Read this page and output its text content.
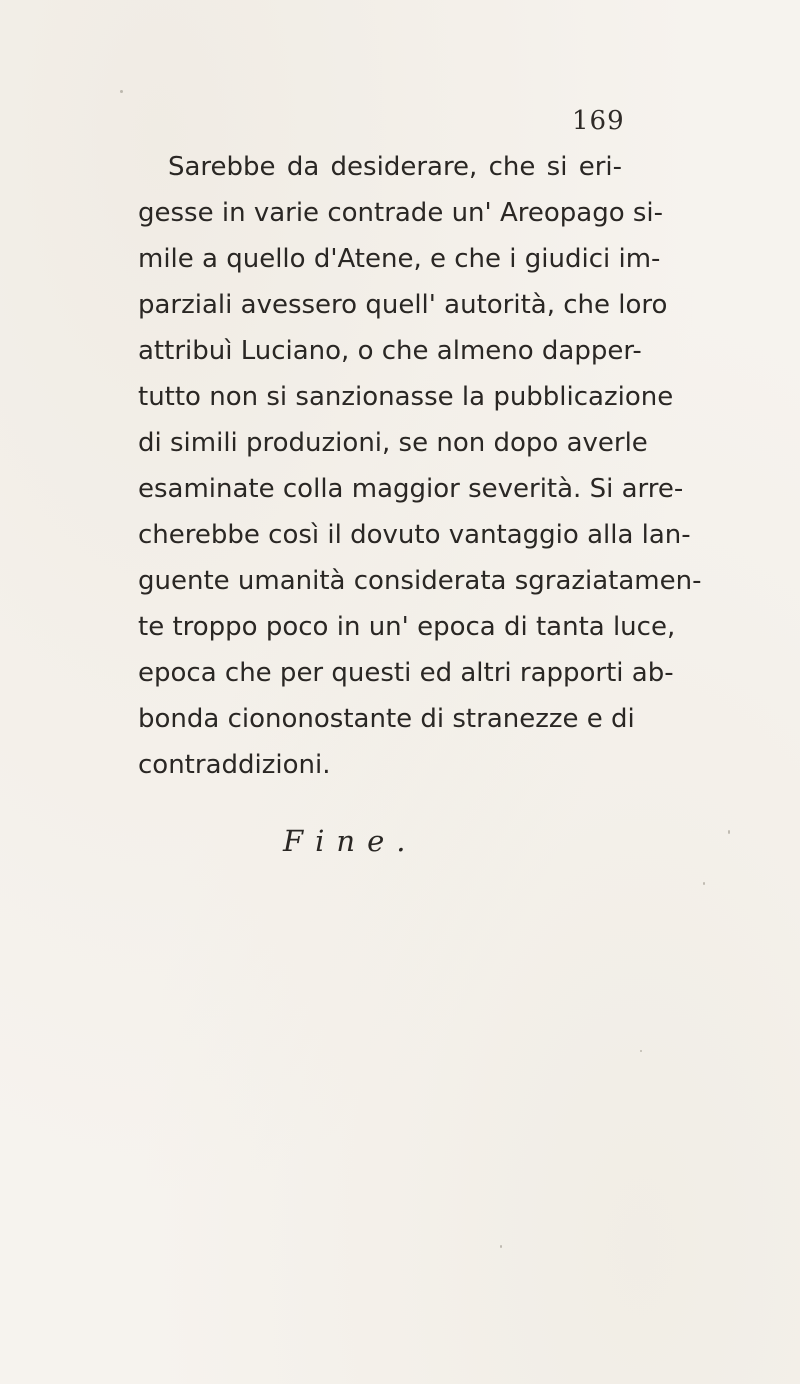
169
Sarebbe da desiderare, che si eri-
gesse in varie contrade un' Areopago si-
mile a quello d'Atene, e che i giudici im-
parziali avessero quell' autorità, che loro
attribuì Luciano, o che almeno dapper-
tutto non si sanzionasse la pubblicazione
di simili produzioni, se non dopo averle
esaminate colla maggior severità. Si arre-
cherebbe così il dovuto vantaggio alla lan-
guente umanità considerata sgraziatamen-
te troppo poco in un' epoca di tanta luce,
epoca che per questi ed altri rapporti ab-
bonda ciononostante di stranezze e di
contraddizioni.
Fine.
